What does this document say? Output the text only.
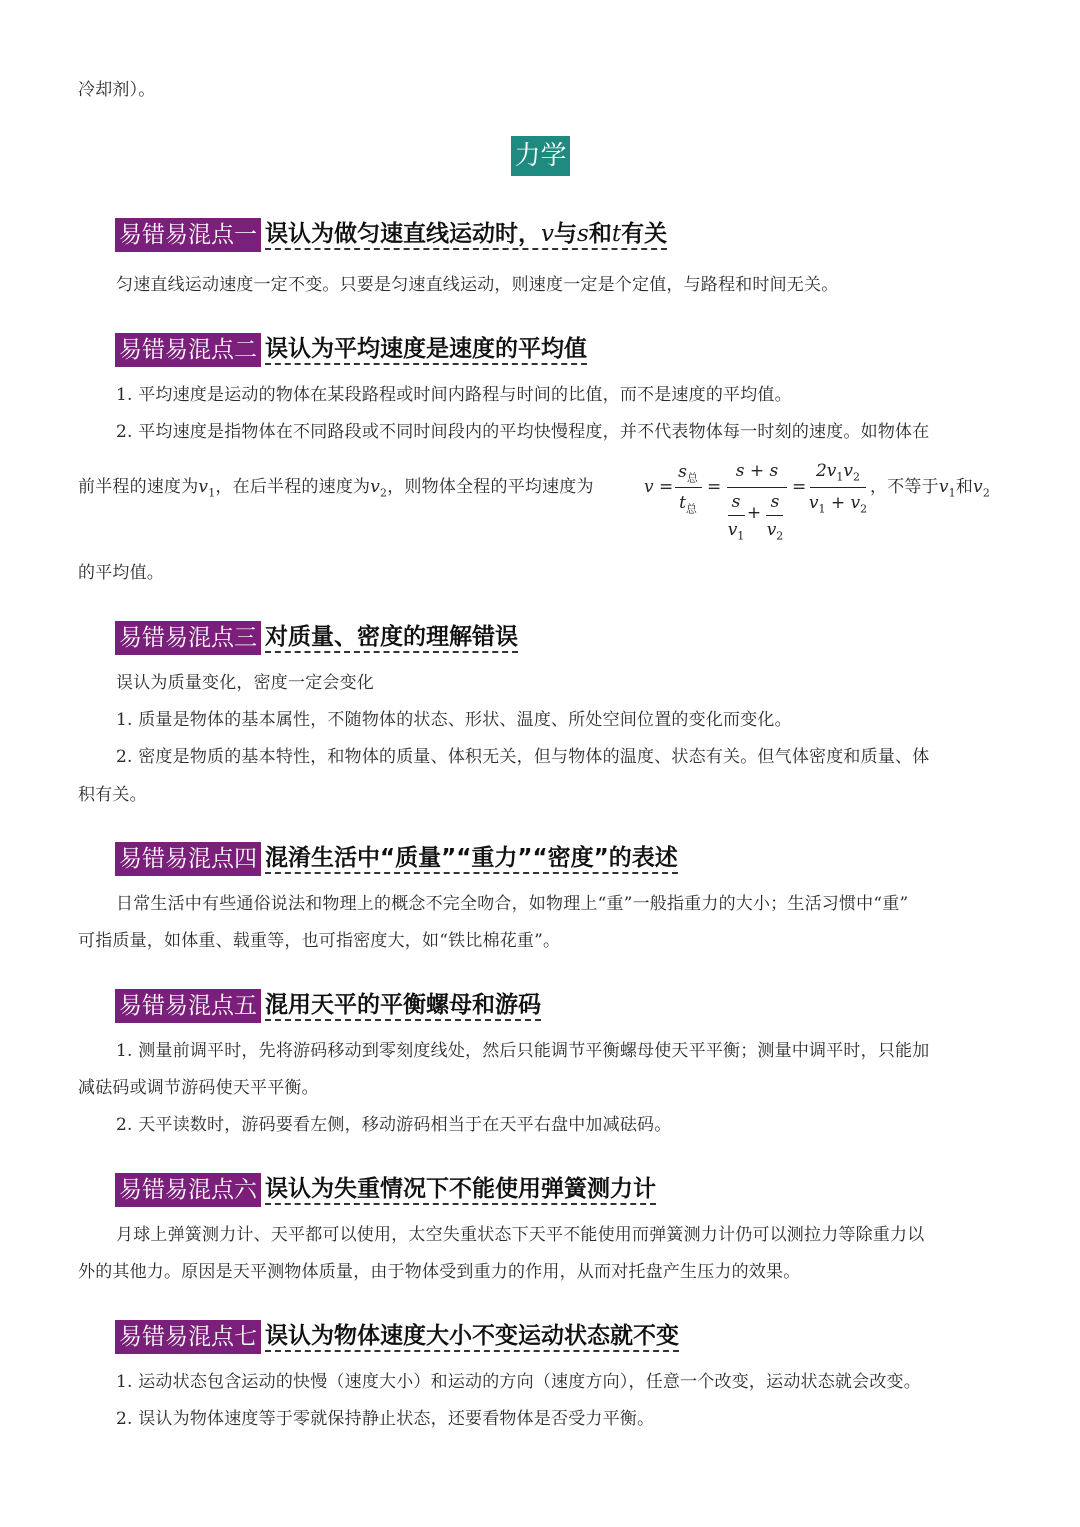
冷却剂）。
力学
易错易混点一 误认为做匀速直线运动时，v与s和t有关
匀速直线运动速度一定不变。只要是匀速直线运动，则速度一定是个定值，与路程和时间无关。
易错易混点二 误认为平均速度是速度的平均值
1. 平均速度是运动的物体在某段路程或时间内路程与时间的比值，而不是速度的平均值。
2. 平均速度是指物体在不同路段或不同时间段内的平均快慢程度，并不代表物体每一时刻的速度。如物体在
前半程的速度为$v_1$，在后半程的速度为$v_2$，则物体全程的平均速度为	v =
$s_总$
$t_总$
=
s + s
s
$v_1$
+
s
$v_2$
=
$2v_1v_2$
$v_1 + v_2$
，不等于$v_1$和$v_2$
的平均值。
易错易混点三 对质量、密度的理解错误
误认为质量变化，密度一定会变化
1. 质量是物体的基本属性，不随物体的状态、形状、温度、所处空间位置的变化而变化。
2. 密度是物质的基本特性，和物体的质量、体积无关，但与物体的温度、状态有关。但气体密度和质量、体
积有关。
易错易混点四 混淆生活中“质量”“重力”“密度”的表述
日常生活中有些通俗说法和物理上的概念不完全吻合，如物理上“重”一般指重力的大小；生活习惯中“重”
可指质量，如体重、载重等，也可指密度大，如“铁比棉花重”。
易错易混点五 混用天平的平衡螺母和游码
1. 测量前调平时，先将游码移动到零刻度线处，然后只能调节平衡螺母使天平平衡；测量中调平时，只能加
减砝码或调节游码使天平平衡。
2. 天平读数时，游码要看左侧，移动游码相当于在天平右盘中加减砝码。
易错易混点六 误认为失重情况下不能使用弹簧测力计
月球上弹簧测力计、天平都可以使用，太空失重状态下天平不能使用而弹簧测力计仍可以测拉力等除重力以
外的其他力。原因是天平测物体质量，由于物体受到重力的作用，从而对托盘产生压力的效果。
易错易混点七 误认为物体速度大小不变运动状态就不变
1. 运动状态包含运动的快慢（速度大小）和运动的方向（速度方向），任意一个改变，运动状态就会改变。
2. 误认为物体速度等于零就保持静止状态，还要看物体是否受力平衡。
